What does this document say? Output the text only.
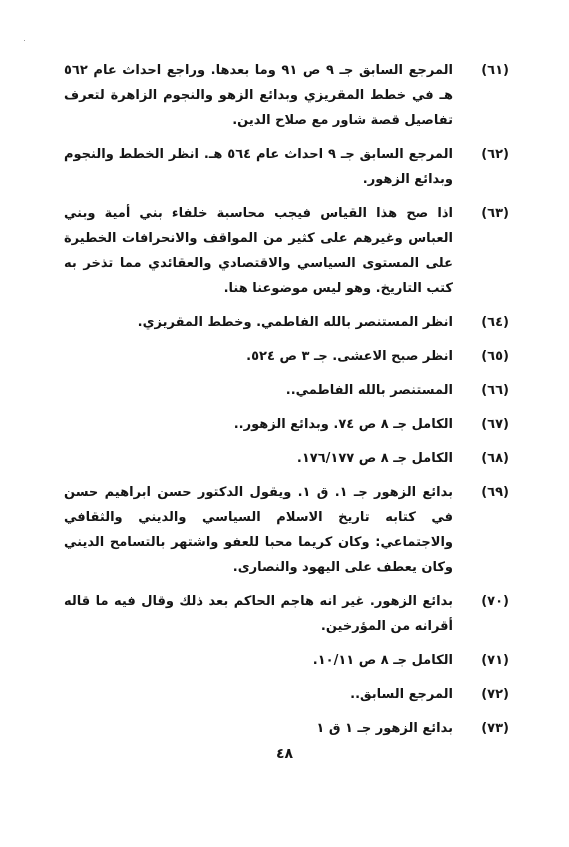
(٦١)
المرجع السابق جـ ٩ ص ٩١ وما بعدها. وراجع احداث عام ٥٦٢ هـ في خطط المقريزي وبدائع الزهو والنجوم الزاهرة لتعرف تفاصيل قصة شاور مع صلاح الدين.
(٦٢)
المرجع السابق جـ ٩ احداث عام ٥٦٤ هـ. انظر الخطط والنجوم وبدائع الزهور.
(٦٣)
اذا صح هذا القياس فيجب محاسبة خلفاء بني أمية وبني العباس وغيرهم على كثير من المواقف والانحرافات الخطيرة على المستوى السياسي والاقتصادي والعقائدي مما تذخر به كتب التاريخ. وهو ليس موضوعنا هنا.
(٦٤)
انظر المستنصر بالله الفاطمي. وخطط المقريزي.
(٦٥)
انظر صبح الاعشى. جـ ٣ ص ٥٢٤.
(٦٦)
المستنصر بالله الفاطمي..
(٦٧)
الكامل جـ ٨ ص ٧٤. وبدائع الزهور..
(٦٨)
الكامل جـ ٨ ص ١٧٦/١٧٧.
(٦٩)
بدائع الزهور جـ ١. ق ١. ويقول الدكتور حسن ابراهيم حسن في كتابه تاريخ الاسلام السياسي والديني والثقافي والاجتماعي: وكان كريما محبا للعفو واشتهر بالتسامح الديني وكان يعطف على اليهود والنصارى.
(٧٠)
بدائع الزهور. غير انه هاجم الحاكم بعد ذلك وقال فيه ما قاله أقرانه من المؤرخين.
(٧١)
الكامل جـ ٨ ص ١٠/١١.
(٧٢)
المرجع السابق..
(٧٣)
بدائع الزهور جـ ١ ق ١
٤٨
